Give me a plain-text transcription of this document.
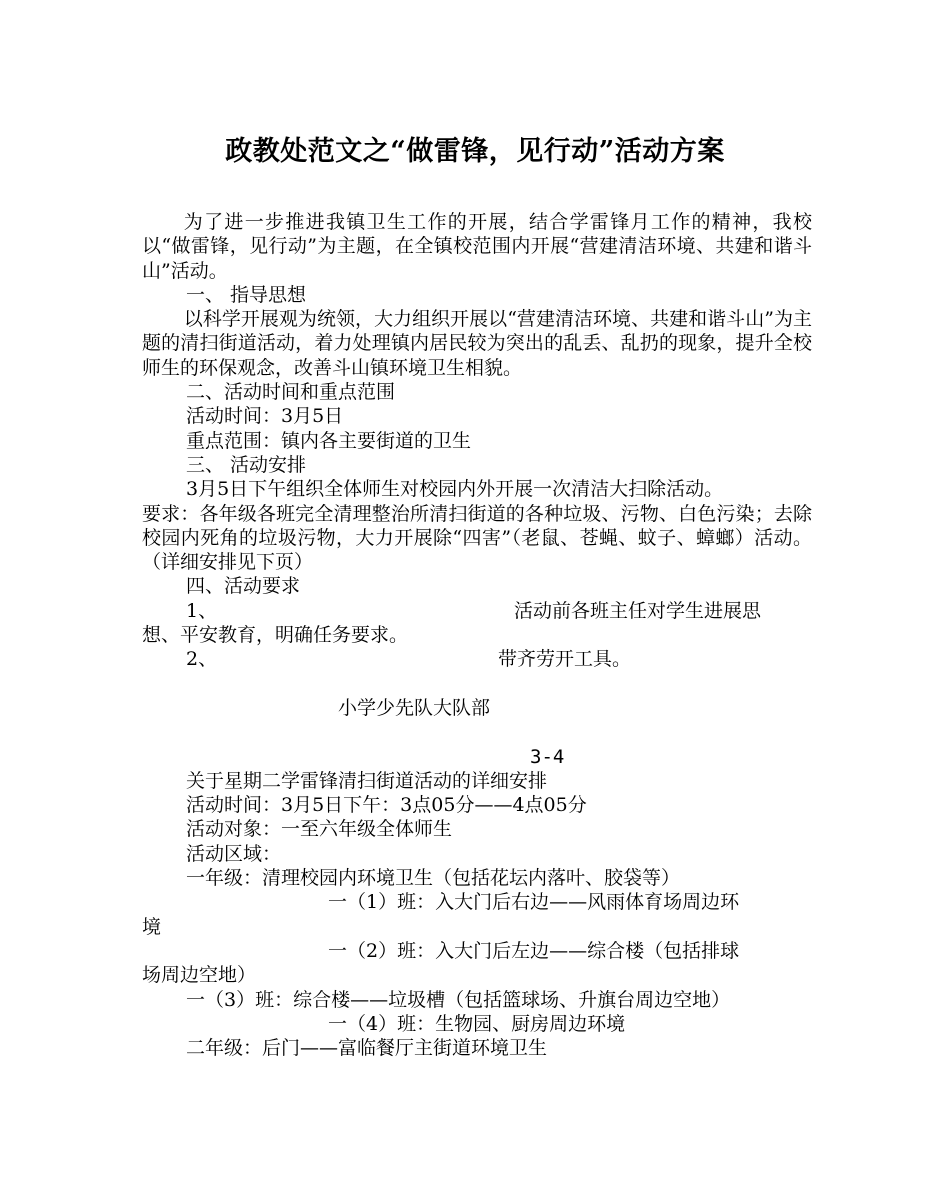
政教处范文之“做雷锋，见行动”活动方案

为了进一步推进我镇卫生工作的开展，结合学雷锋月工作的精神，我校以“做雷锋，见行动”为主题，在全镇校范围内开展“营建清洁环境、共建和谐斗山”活动。

一、 指导思想

以科学开展观为统领，大力组织开展以“营建清洁环境、共建和谐斗山”为主题的清扫街道活动，着力处理镇内居民较为突出的乱丢、乱扔的现象，提升全校师生的环保观念，改善斗山镇环境卫生相貌。

二、活动时间和重点范围

活动时间：3月5日

重点范围：镇内各主要街道的卫生

三、 活动安排

3月5日下午组织全体师生对校园内外开展一次清洁大扫除活动。

要求：各年级各班完全清理整治所清扫街道的各种垃圾、污物、白色污染；去除校园内死角的垃圾污物，大力开展除“四害”（老鼠、苍蝇、蚊子、蟑螂）活动。（详细安排见下页）

四、活动要求

1、	活动前各班主任对学生进展思

想、平安教育，明确任务要求。

2、	带齐劳开工具。

小学少先队大队部

3-4

关于星期二学雷锋清扫街道活动的详细安排

活动时间：3月5日下午：3点05分——4点05分

活动对象：一至六年级全体师生

活动区域：

一年级：清理校园内环境卫生（包括花坛内落叶、胶袋等）

一（1）班：入大门后右边——风雨体育场周边环

境

一（2）班：入大门后左边——综合楼（包括排球

场周边空地）

一（3）班：综合楼——垃圾槽（包括篮球场、升旗台周边空地）

一（4）班：生物园、厨房周边环境

二年级：后门——富临餐厅主街道环境卫生
